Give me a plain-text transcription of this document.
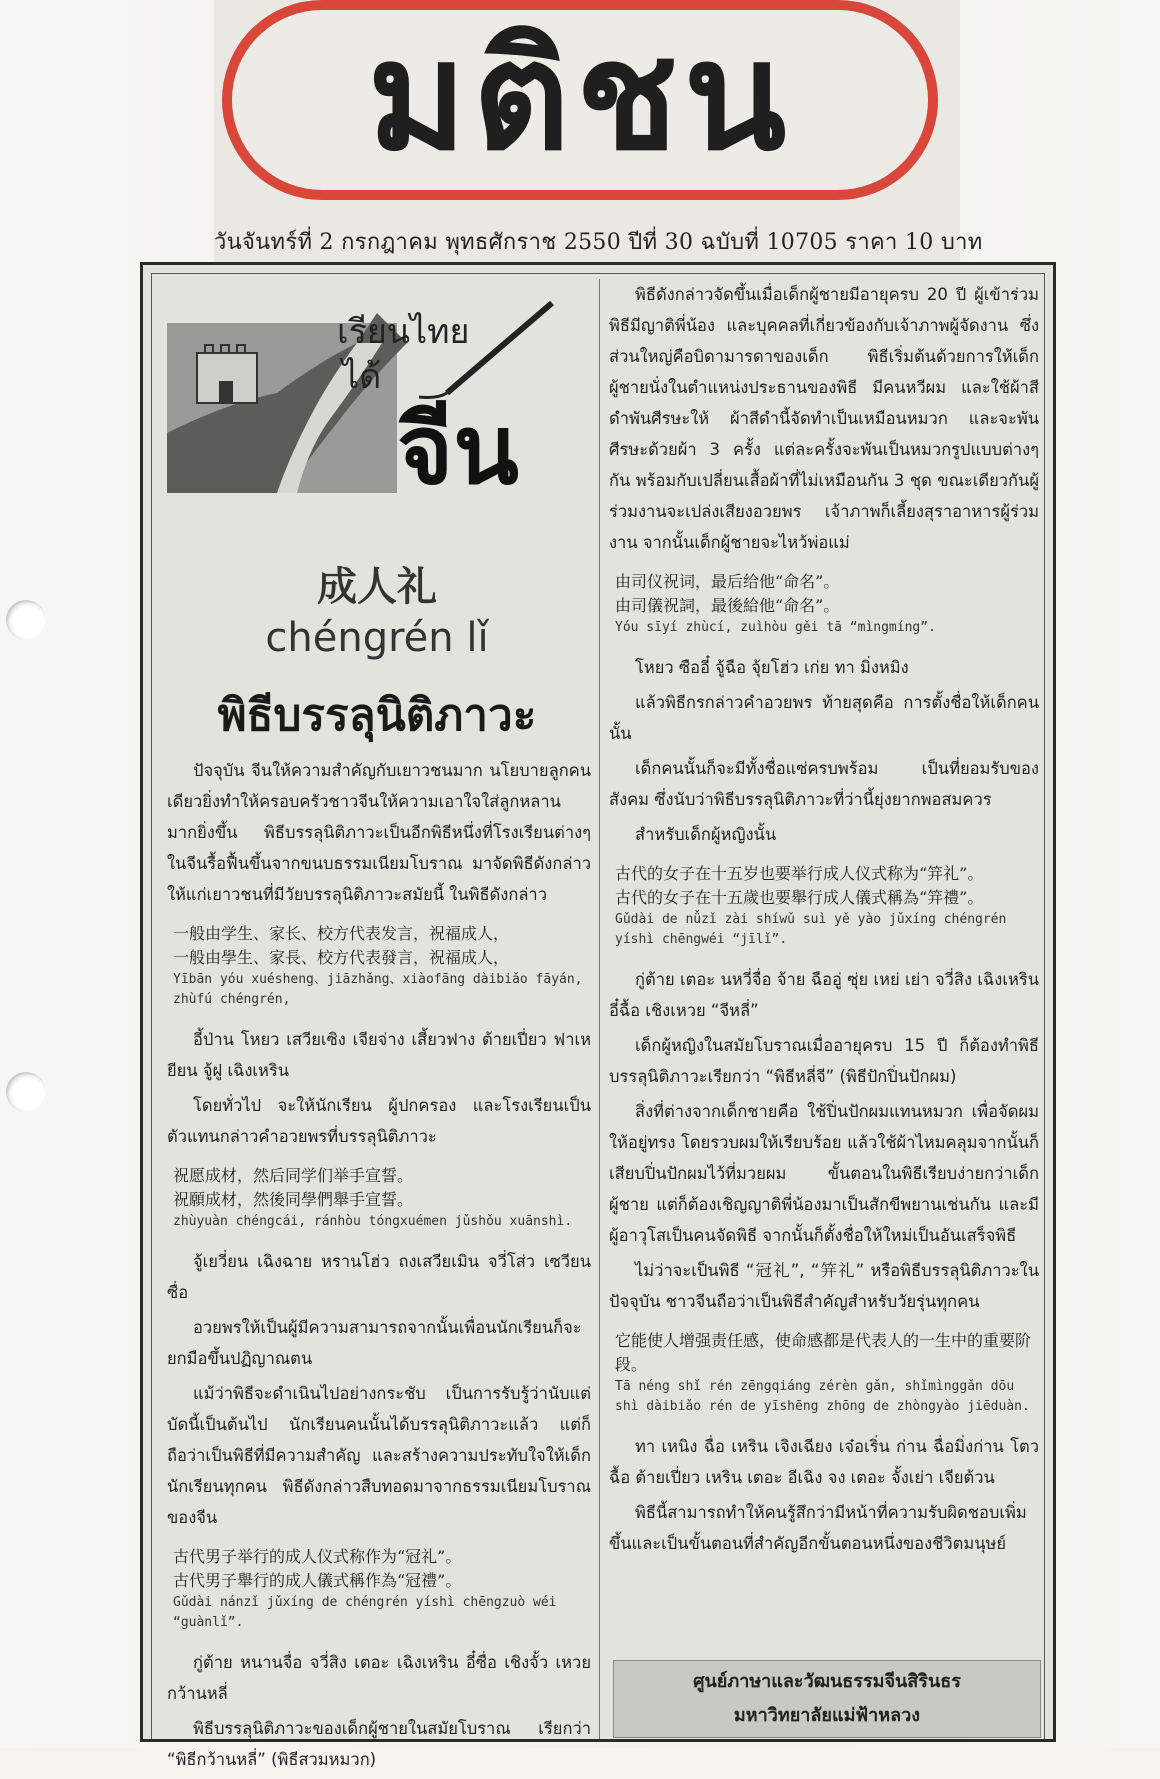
มติชน
วันจันทร์ที่ 2 กรกฎาคม พุทธศักราช 2550 ปีที่ 30 ฉบับที่ 10705 ราคา 10 บาท
เรียนไทย
ได้
จีน
成人礼
chéngrén lǐ
พิธีบรรลุนิติภาวะ

ปัจจุบัน จีนให้ความสำคัญกับเยาวชนมาก นโยบายลูกคนเดียวยิ่งทำให้ครอบครัวชาวจีนให้ความเอาใจใส่ลูกหลานมากยิ่งขึ้น พิธีบรรลุนิติภาวะเป็นอีกพิธีหนึ่งที่โรงเรียนต่างๆ ในจีนรื้อฟื้นขึ้นจากขนบธรรมเนียมโบราณ มาจัดพิธีดังกล่าวให้แก่เยาวชนที่มีวัยบรรลุนิติภาวะสมัยนี้ ในพิธีดังกล่าว

一般由学生、家长、校方代表发言，祝福成人，
一般由學生、家長、校方代表發言，祝福成人，
Yībān yóu xuésheng、jiāzhǎng、xiàofāng dàibiǎo fāyán, zhùfú chéngrén,

อี้ป่าน โหยว เสวียเซิง เจียจ่าง เสี้ยวฟาง ต้ายเปี่ยว ฟาเหยียน จู้ฝู เฉิงเหริน

โดยทั่วไป จะให้นักเรียน ผู้ปกครอง และโรงเรียนเป็นตัวแทนกล่าวคำอวยพรที่บรรลุนิติภาวะ

祝愿成材，然后同学们举手宣誓。
祝願成材，然後同學們舉手宣誓。
zhùyuàn chéngcái, ránhòu tóngxuémen jǔshǒu xuānshì.

จู้เยวี่ยน เฉิงฉาย หรานโฮ่ว ถงเสวียเมิน จวี่โส่ว เซวียนซื่อ

อวยพรให้เป็นผู้มีความสามารถจากนั้นเพื่อนนักเรียนก็จะยกมือขึ้นปฏิญาณตน

แม้ว่าพิธีจะดำเนินไปอย่างกระชับ เป็นการรับรู้ว่านับแต่บัดนี้เป็นต้นไป นักเรียนคนนั้นได้บรรลุนิติภาวะแล้ว แต่ก็ถือว่าเป็นพิธีที่มีความสำคัญ และสร้างความประทับใจให้เด็กนักเรียนทุกคน พิธีดังกล่าวสืบทอดมาจากธรรมเนียมโบราณของจีน

古代男子举行的成人仪式称作为“冠礼”。
古代男子舉行的成人儀式稱作為“冠禮”。
Gǔdài nánzǐ jǔxíng de chéngrén yíshì chēngzuò wéi “guànlǐ”.

กู่ต้าย หนานจื่อ จวี่สิง เตอะ เฉิงเหริน อี๋ซื่อ เชิงจั้ว เหวย กว้านหลี่

พิธีบรรลุนิติภาวะของเด็กผู้ชายในสมัยโบราณ เรียกว่า “พิธีกว้านหลี่” (พิธีสวมหมวก)

พิธีดังกล่าวจัดขึ้นเมื่อเด็กผู้ชายมีอายุครบ 20 ปี ผู้เข้าร่วมพิธีมีญาติพี่น้อง และบุคคลที่เกี่ยวข้องกับเจ้าภาพผู้จัดงาน ซึ่งส่วนใหญ่คือบิดามารดาของเด็ก พิธีเริ่มต้นด้วยการให้เด็กผู้ชายนั่งในตำแหน่งประธานของพิธี มีคนหวีผม และใช้ผ้าสีดำพันศีรษะให้ ผ้าสีดำนี้จัดทำเป็นเหมือนหมวก และจะพันศีรษะด้วยผ้า 3 ครั้ง แต่ละครั้งจะพันเป็นหมวกรูปแบบต่างๆ กัน พร้อมกับเปลี่ยนเสื้อผ้าที่ไม่เหมือนกัน 3 ชุด ขณะเดียวกันผู้ร่วมงานจะเปล่งเสียงอวยพร เจ้าภาพก็เลี้ยงสุราอาหารผู้ร่วมงาน จากนั้นเด็กผู้ชายจะไหว้พ่อแม่

由司仪祝词，最后给他“命名”。
由司儀祝詞，最後給他“命名”。
Yóu sīyí zhùcí, zuìhòu gěi tā “mìngmíng”.

โหยว ซืออี๋ จู้ฉือ จุ้ยโฮ่ว เก่ย ทา มิ่งหมิง

แล้วพิธีกรกล่าวคำอวยพร ท้ายสุดคือ การตั้งชื่อให้เด็กคนนั้น

เด็กคนนั้นก็จะมีทั้งชื่อแซ่ครบพร้อม เป็นที่ยอมรับของสังคม ซึ่งนับว่าพิธีบรรลุนิติภาวะที่ว่านี้ยุ่งยากพอสมควร

สำหรับเด็กผู้หญิงนั้น

古代的女子在十五岁也要举行成人仪式称为“笄礼”。
古代的女子在十五歲也要舉行成人儀式稱為“笄禮”。
Gǔdài de nǚzǐ zài shíwǔ suì yě yào jǔxíng chéngrén yíshì chēngwéi “jīlǐ”.

กู่ต้าย เตอะ นหวี่จื่อ จ้าย ฉืออู่ ซุ่ย เหย่ เย่า จวี่สิง เฉิงเหริน อี๋ฉื้อ เชิงเหวย “จีหลี่”

เด็กผู้หญิงในสมัยโบราณเมื่ออายุครบ 15 ปี ก็ต้องทำพิธีบรรลุนิติภาวะเรียกว่า “พิธีหลี่จี” (พิธีปักปิ่นปักผม)

สิ่งที่ต่างจากเด็กชายคือ ใช้ปิ่นปักผมแทนหมวก เพื่อจัดผมให้อยู่ทรง โดยรวบผมให้เรียบร้อย แล้วใช้ผ้าไหมคลุมจากนั้นก็เสียบปิ่นปักผมไว้ที่มวยผม ขั้นตอนในพิธีเรียบง่ายกว่าเด็กผู้ชาย แต่ก็ต้องเชิญญาติพี่น้องมาเป็นสักขีพยานเช่นกัน และมีผู้อาวุโสเป็นคนจัดพิธี จากนั้นก็ตั้งชื่อให้ใหม่เป็นอันเสร็จพิธี

ไม่ว่าจะเป็นพิธี “冠礼”, “笄礼” หรือพิธีบรรลุนิติภาวะในปัจจุบัน ชาวจีนถือว่าเป็นพิธีสำคัญสำหรับวัยรุ่นทุกคน

它能使人增强责任感，使命感都是代表人的一生中的重要阶段。
Tā néng shǐ rén zēngqiáng zérèn gǎn, shǐmìnggǎn dōu shì dàibiǎo rén de yīshēng zhōng de zhòngyào jiēduàn.

ทา เหนิง ฉื่อ เหริน เจิงเฉียง เจ๋อเริ่น ก่าน ฉื่อมิ่งก่าน โตว ฉื้อ ต้ายเปี่ยว เหริน เตอะ อีเฉิง จง เตอะ จั้งเย่า เจียต้วน

พิธีนี้สามารถทำให้คนรู้สึกว่ามีหน้าที่ความรับผิดชอบเพิ่มขึ้นและเป็นขั้นตอนที่สำคัญอีกขั้นตอนหนึ่งของชีวิตมนุษย์

ศูนย์ภาษาและวัฒนธรรมจีนสิรินธร
มหาวิทยาลัยแม่ฟ้าหลวง
